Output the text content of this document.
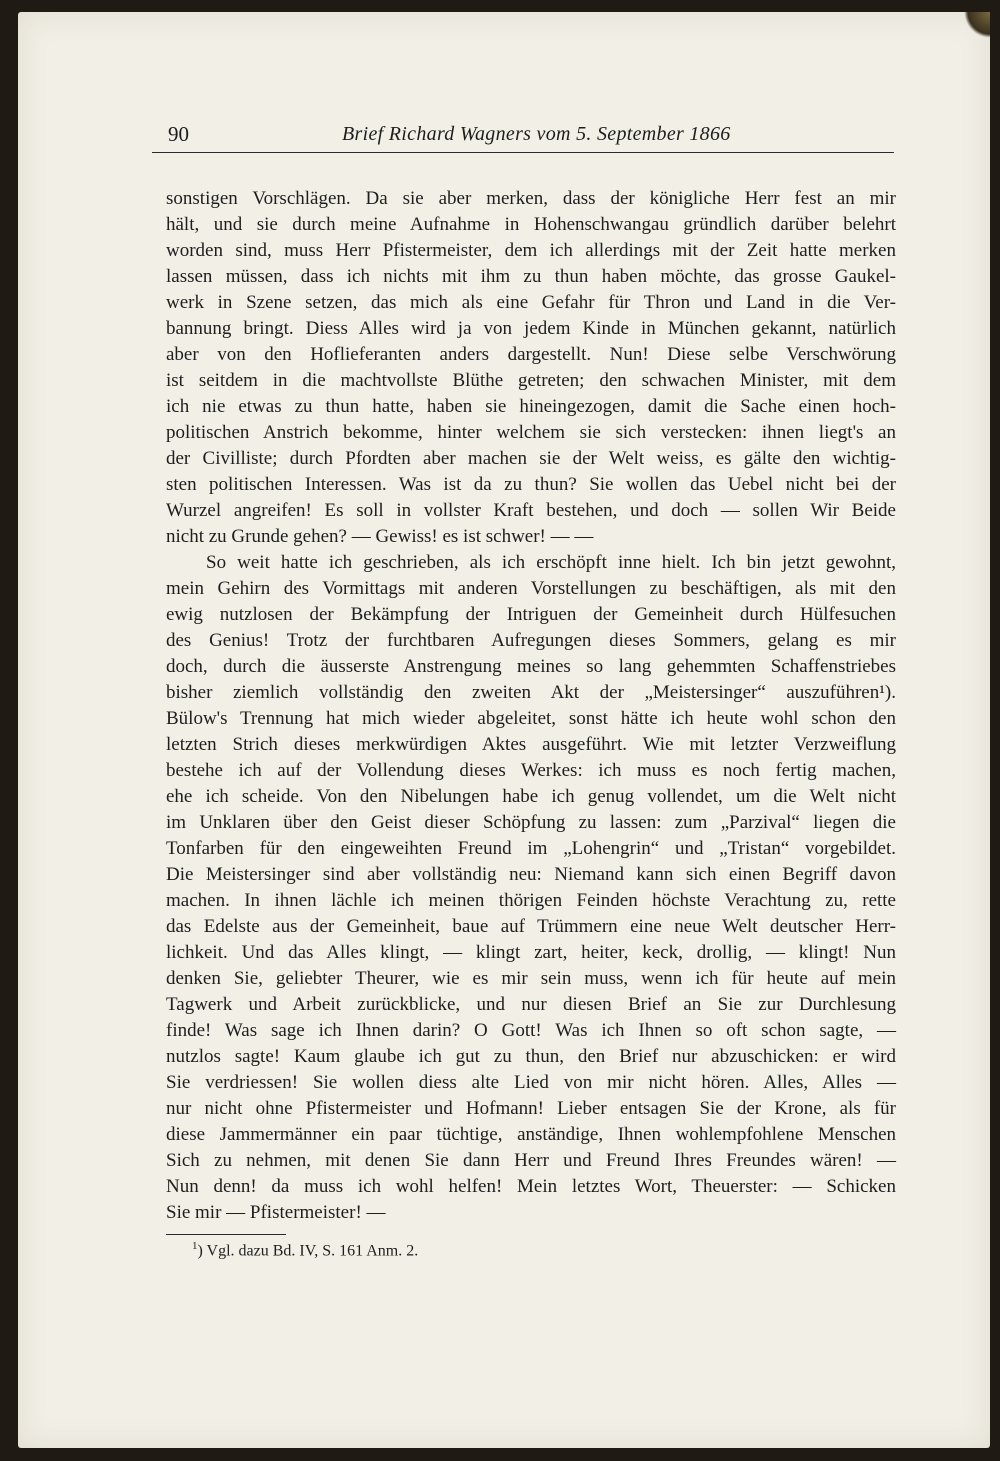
90	Brief Richard Wagners vom 5. September 1866
sonstigen Vorschlägen. Da sie aber merken, dass der königliche Herr fest an mir
hält, und sie durch meine Aufnahme in Hohenschwangau gründlich darüber belehrt
worden sind, muss Herr Pfistermeister, dem ich allerdings mit der Zeit hatte merken
lassen müssen, dass ich nichts mit ihm zu thun haben möchte, das grosse Gaukel-
werk in Szene setzen, das mich als eine Gefahr für Thron und Land in die Ver-
bannung bringt. Diess Alles wird ja von jedem Kinde in München gekannt, natürlich
aber von den Hoflieferanten anders dargestellt. Nun! Diese selbe Verschwörung
ist seitdem in die machtvollste Blüthe getreten; den schwachen Minister, mit dem
ich nie etwas zu thun hatte, haben sie hineingezogen, damit die Sache einen hoch-
politischen Anstrich bekomme, hinter welchem sie sich verstecken: ihnen liegt's an
der Civilliste; durch Pfordten aber machen sie der Welt weiss, es gälte den wichtig-
sten politischen Interessen. Was ist da zu thun? Sie wollen das Uebel nicht bei der
Wurzel angreifen! Es soll in vollster Kraft bestehen, und doch — sollen Wir Beide
nicht zu Grunde gehen? — Gewiss! es ist schwer! — —
So weit hatte ich geschrieben, als ich erschöpft inne hielt. Ich bin jetzt gewohnt,
mein Gehirn des Vormittags mit anderen Vorstellungen zu beschäftigen, als mit den
ewig nutzlosen der Bekämpfung der Intriguen der Gemeinheit durch Hülfesuchen
des Genius! Trotz der furchtbaren Aufregungen dieses Sommers, gelang es mir
doch, durch die äusserste Anstrengung meines so lang gehemmten Schaffenstriebes
bisher ziemlich vollständig den zweiten Akt der „Meistersinger“ auszuführen¹).
Bülow's Trennung hat mich wieder abgeleitet, sonst hätte ich heute wohl schon den
letzten Strich dieses merkwürdigen Aktes ausgeführt. Wie mit letzter Verzweiflung
bestehe ich auf der Vollendung dieses Werkes: ich muss es noch fertig machen,
ehe ich scheide. Von den Nibelungen habe ich genug vollendet, um die Welt nicht
im Unklaren über den Geist dieser Schöpfung zu lassen: zum „Parzival“ liegen die
Tonfarben für den eingeweihten Freund im „Lohengrin“ und „Tristan“ vorgebildet.
Die Meistersinger sind aber vollständig neu: Niemand kann sich einen Begriff davon
machen. In ihnen lächle ich meinen thörigen Feinden höchste Verachtung zu, rette
das Edelste aus der Gemeinheit, baue auf Trümmern eine neue Welt deutscher Herr-
lichkeit. Und das Alles klingt, — klingt zart, heiter, keck, drollig, — klingt! Nun
denken Sie, geliebter Theurer, wie es mir sein muss, wenn ich für heute auf mein
Tagwerk und Arbeit zurückblicke, und nur diesen Brief an Sie zur Durchlesung
finde! Was sage ich Ihnen darin? O Gott! Was ich Ihnen so oft schon sagte, —
nutzlos sagte! Kaum glaube ich gut zu thun, den Brief nur abzuschicken: er wird
Sie verdriessen! Sie wollen diess alte Lied von mir nicht hören. Alles, Alles —
nur nicht ohne Pfistermeister und Hofmann! Lieber entsagen Sie der Krone, als für
diese Jammermänner ein paar tüchtige, anständige, Ihnen wohlempfohlene Menschen
Sich zu nehmen, mit denen Sie dann Herr und Freund Ihres Freundes wären! —
Nun denn! da muss ich wohl helfen! Mein letztes Wort, Theuerster: — Schicken
Sie mir — Pfistermeister! —
$^1$) Vgl. dazu Bd. IV, S. 161 Anm. 2.
